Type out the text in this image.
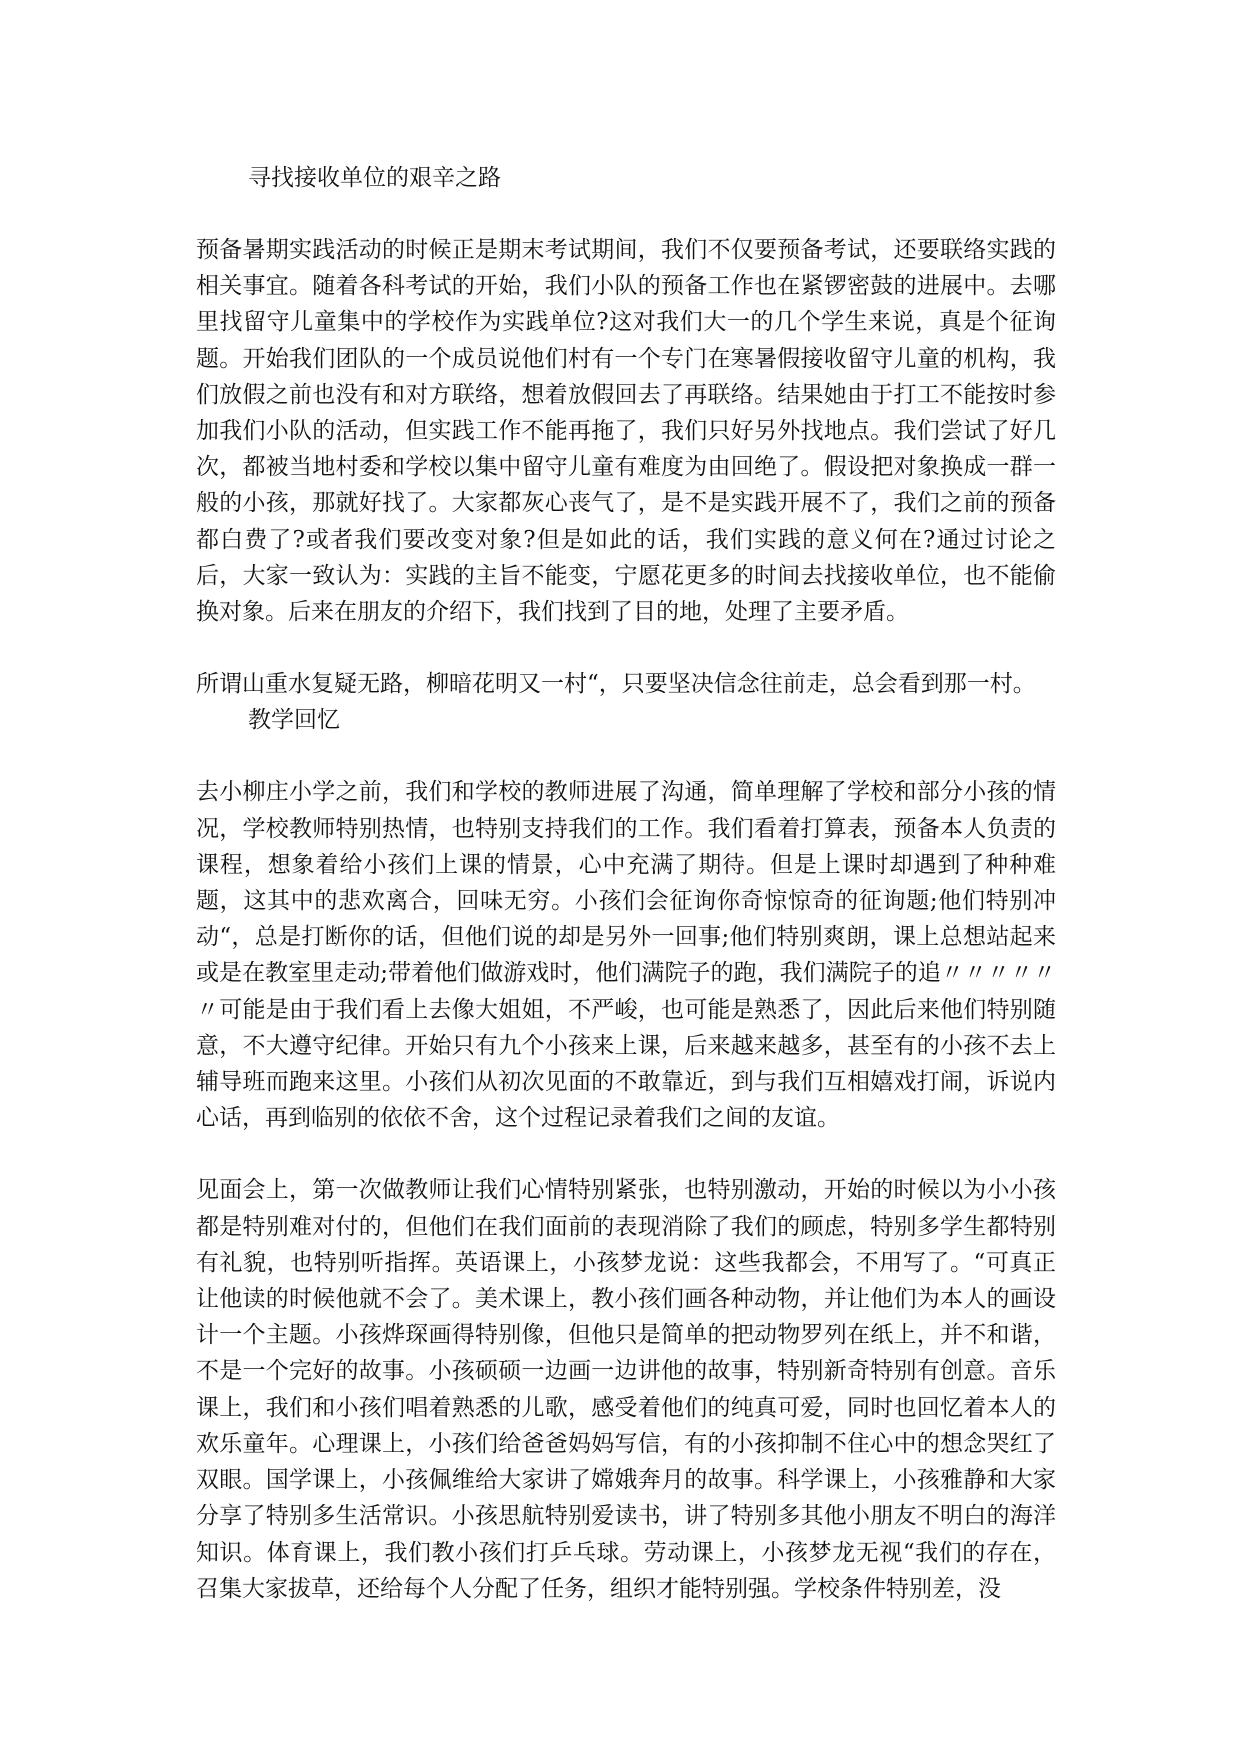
寻找接收单位的艰辛之路

预备暑期实践活动的时候正是期末考试期间，我们不仅要预备考试，还要联络实践的相关事宜。随着各科考试的开始，我们小队的预备工作也在紧锣密鼓的进展中。去哪里找留守儿童集中的学校作为实践单位?这对我们大一的几个学生来说，真是个征询题。开始我们团队的一个成员说他们村有一个专门在寒暑假接收留守儿童的机构，我们放假之前也没有和对方联络，想着放假回去了再联络。结果她由于打工不能按时参加我们小队的活动，但实践工作不能再拖了，我们只好另外找地点。我们尝试了好几次，都被当地村委和学校以集中留守儿童有难度为由回绝了。假设把对象换成一群一般的小孩，那就好找了。大家都灰心丧气了，是不是实践开展不了，我们之前的预备都白费了?或者我们要改变对象?但是如此的话，我们实践的意义何在?通过讨论之后，大家一致认为：实践的主旨不能变，宁愿花更多的时间去找接收单位，也不能偷换对象。后来在朋友的介绍下，我们找到了目的地，处理了主要矛盾。

所谓山重水复疑无路，柳暗花明又一村“，只要坚决信念往前走，总会看到那一村。

教学回忆

去小柳庄小学之前，我们和学校的教师进展了沟通，简单理解了学校和部分小孩的情况，学校教师特别热情，也特别支持我们的工作。我们看着打算表，预备本人负责的课程，想象着给小孩们上课的情景，心中充满了期待。但是上课时却遇到了种种难题，这其中的悲欢离合，回味无穷。小孩们会征询你奇惊惊奇的征询题;他们特别冲动“，总是打断你的话，但他们说的却是另外一回事;他们特别爽朗，课上总想站起来或是在教室里走动;带着他们做游戏时，他们满院子的跑，我们满院子的追〃〃〃〃〃〃可能是由于我们看上去像大姐姐，不严峻，也可能是熟悉了，因此后来他们特别随意，不大遵守纪律。开始只有九个小孩来上课，后来越来越多，甚至有的小孩不去上辅导班而跑来这里。小孩们从初次见面的不敢靠近，到与我们互相嬉戏打闹，诉说内心话，再到临别的依依不舍，这个过程记录着我们之间的友谊。

见面会上，第一次做教师让我们心情特别紧张，也特别激动，开始的时候以为小小孩都是特别难对付的，但他们在我们面前的表现消除了我们的顾虑，特别多学生都特别有礼貌，也特别听指挥。英语课上，小孩梦龙说：这些我都会，不用写了。“可真正让他读的时候他就不会了。美术课上，教小孩们画各种动物，并让他们为本人的画设计一个主题。小孩烨琛画得特别像，但他只是简单的把动物罗列在纸上，并不和谐，不是一个完好的故事。小孩硕硕一边画一边讲他的故事，特别新奇特别有创意。音乐课上，我们和小孩们唱着熟悉的儿歌，感受着他们的纯真可爱，同时也回忆着本人的欢乐童年。心理课上，小孩们给爸爸妈妈写信，有的小孩抑制不住心中的想念哭红了双眼。国学课上，小孩佩维给大家讲了嫦娥奔月的故事。科学课上，小孩雅静和大家分享了特别多生活常识。小孩思航特别爱读书，讲了特别多其他小朋友不明白的海洋知识。体育课上，我们教小孩们打乒乓球。劳动课上，小孩梦龙无视“我们的存在，召集大家拔草，还给每个人分配了任务，组织才能特别强。学校条件特别差，没
